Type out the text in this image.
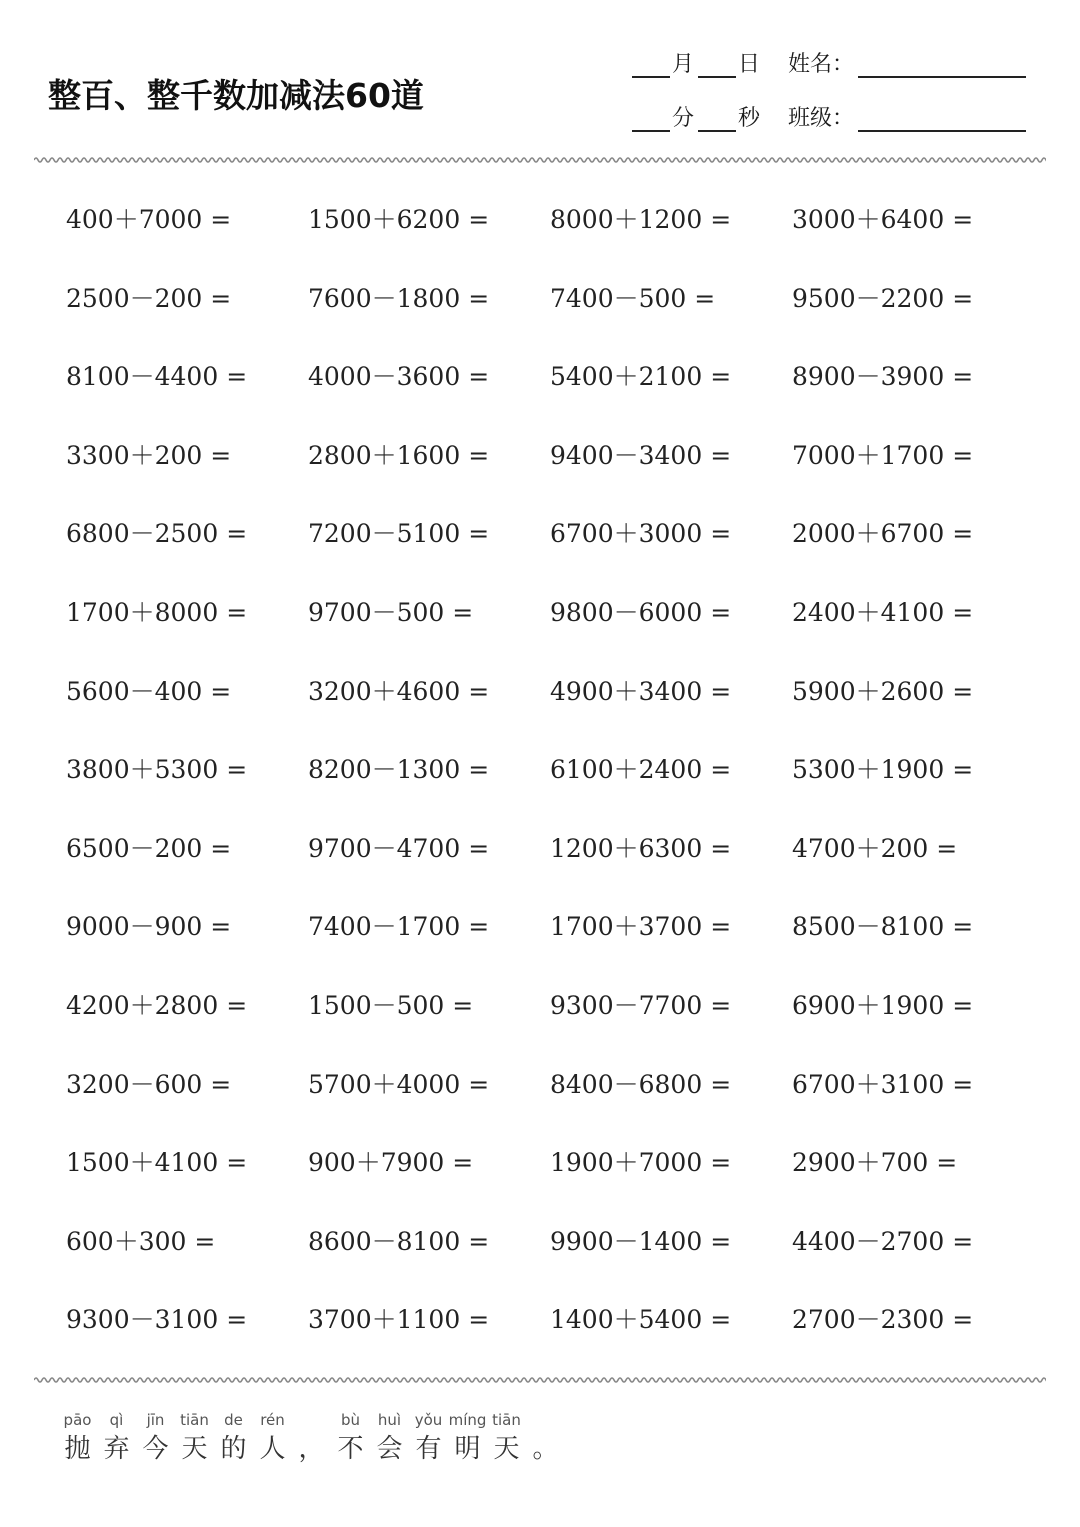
整百、整千数加减法60道
月 日 姓名：
分 秒 班级：
400＋7000 =	1500＋6200 =	8000＋1200 =	3000＋6400 =
2500－200 =	7600－1800 =	7400－500 =	9500－2200 =
8100－4400 =	4000－3600 =	5400＋2100 =	8900－3900 =
3300＋200 =	2800＋1600 =	9400－3400 =	7000＋1700 =
6800－2500 =	7200－5100 =	6700＋3000 =	2000＋6700 =
1700＋8000 =	9700－500 =	9800－6000 =	2400＋4100 =
5600－400 =	3200＋4600 =	4900＋3400 =	5900＋2600 =
3800＋5300 =	8200－1300 =	6100＋2400 =	5300＋1900 =
6500－200 =	9700－4700 =	1200＋6300 =	4700＋200 =
9000－900 =	7400－1700 =	1700＋3700 =	8500－8100 =
4200＋2800 =	1500－500 =	9300－7700 =	6900＋1900 =
3200－600 =	5700＋4000 =	8400－6800 =	6700＋3100 =
1500＋4100 =	900＋7900 =	1900＋7000 =	2900＋700 =
600＋300 =	8600－8100 =	9900－1400 =	4400－2700 =
9300－3100 =	3700＋1100 =	1400＋5400 =	2700－2300 =
pāo	qì	jīn	tiān	de	rén	bù	huì yǒu míng tiān
抛 弃 今 天 的 人 ， 不 会 有 明 天 。
